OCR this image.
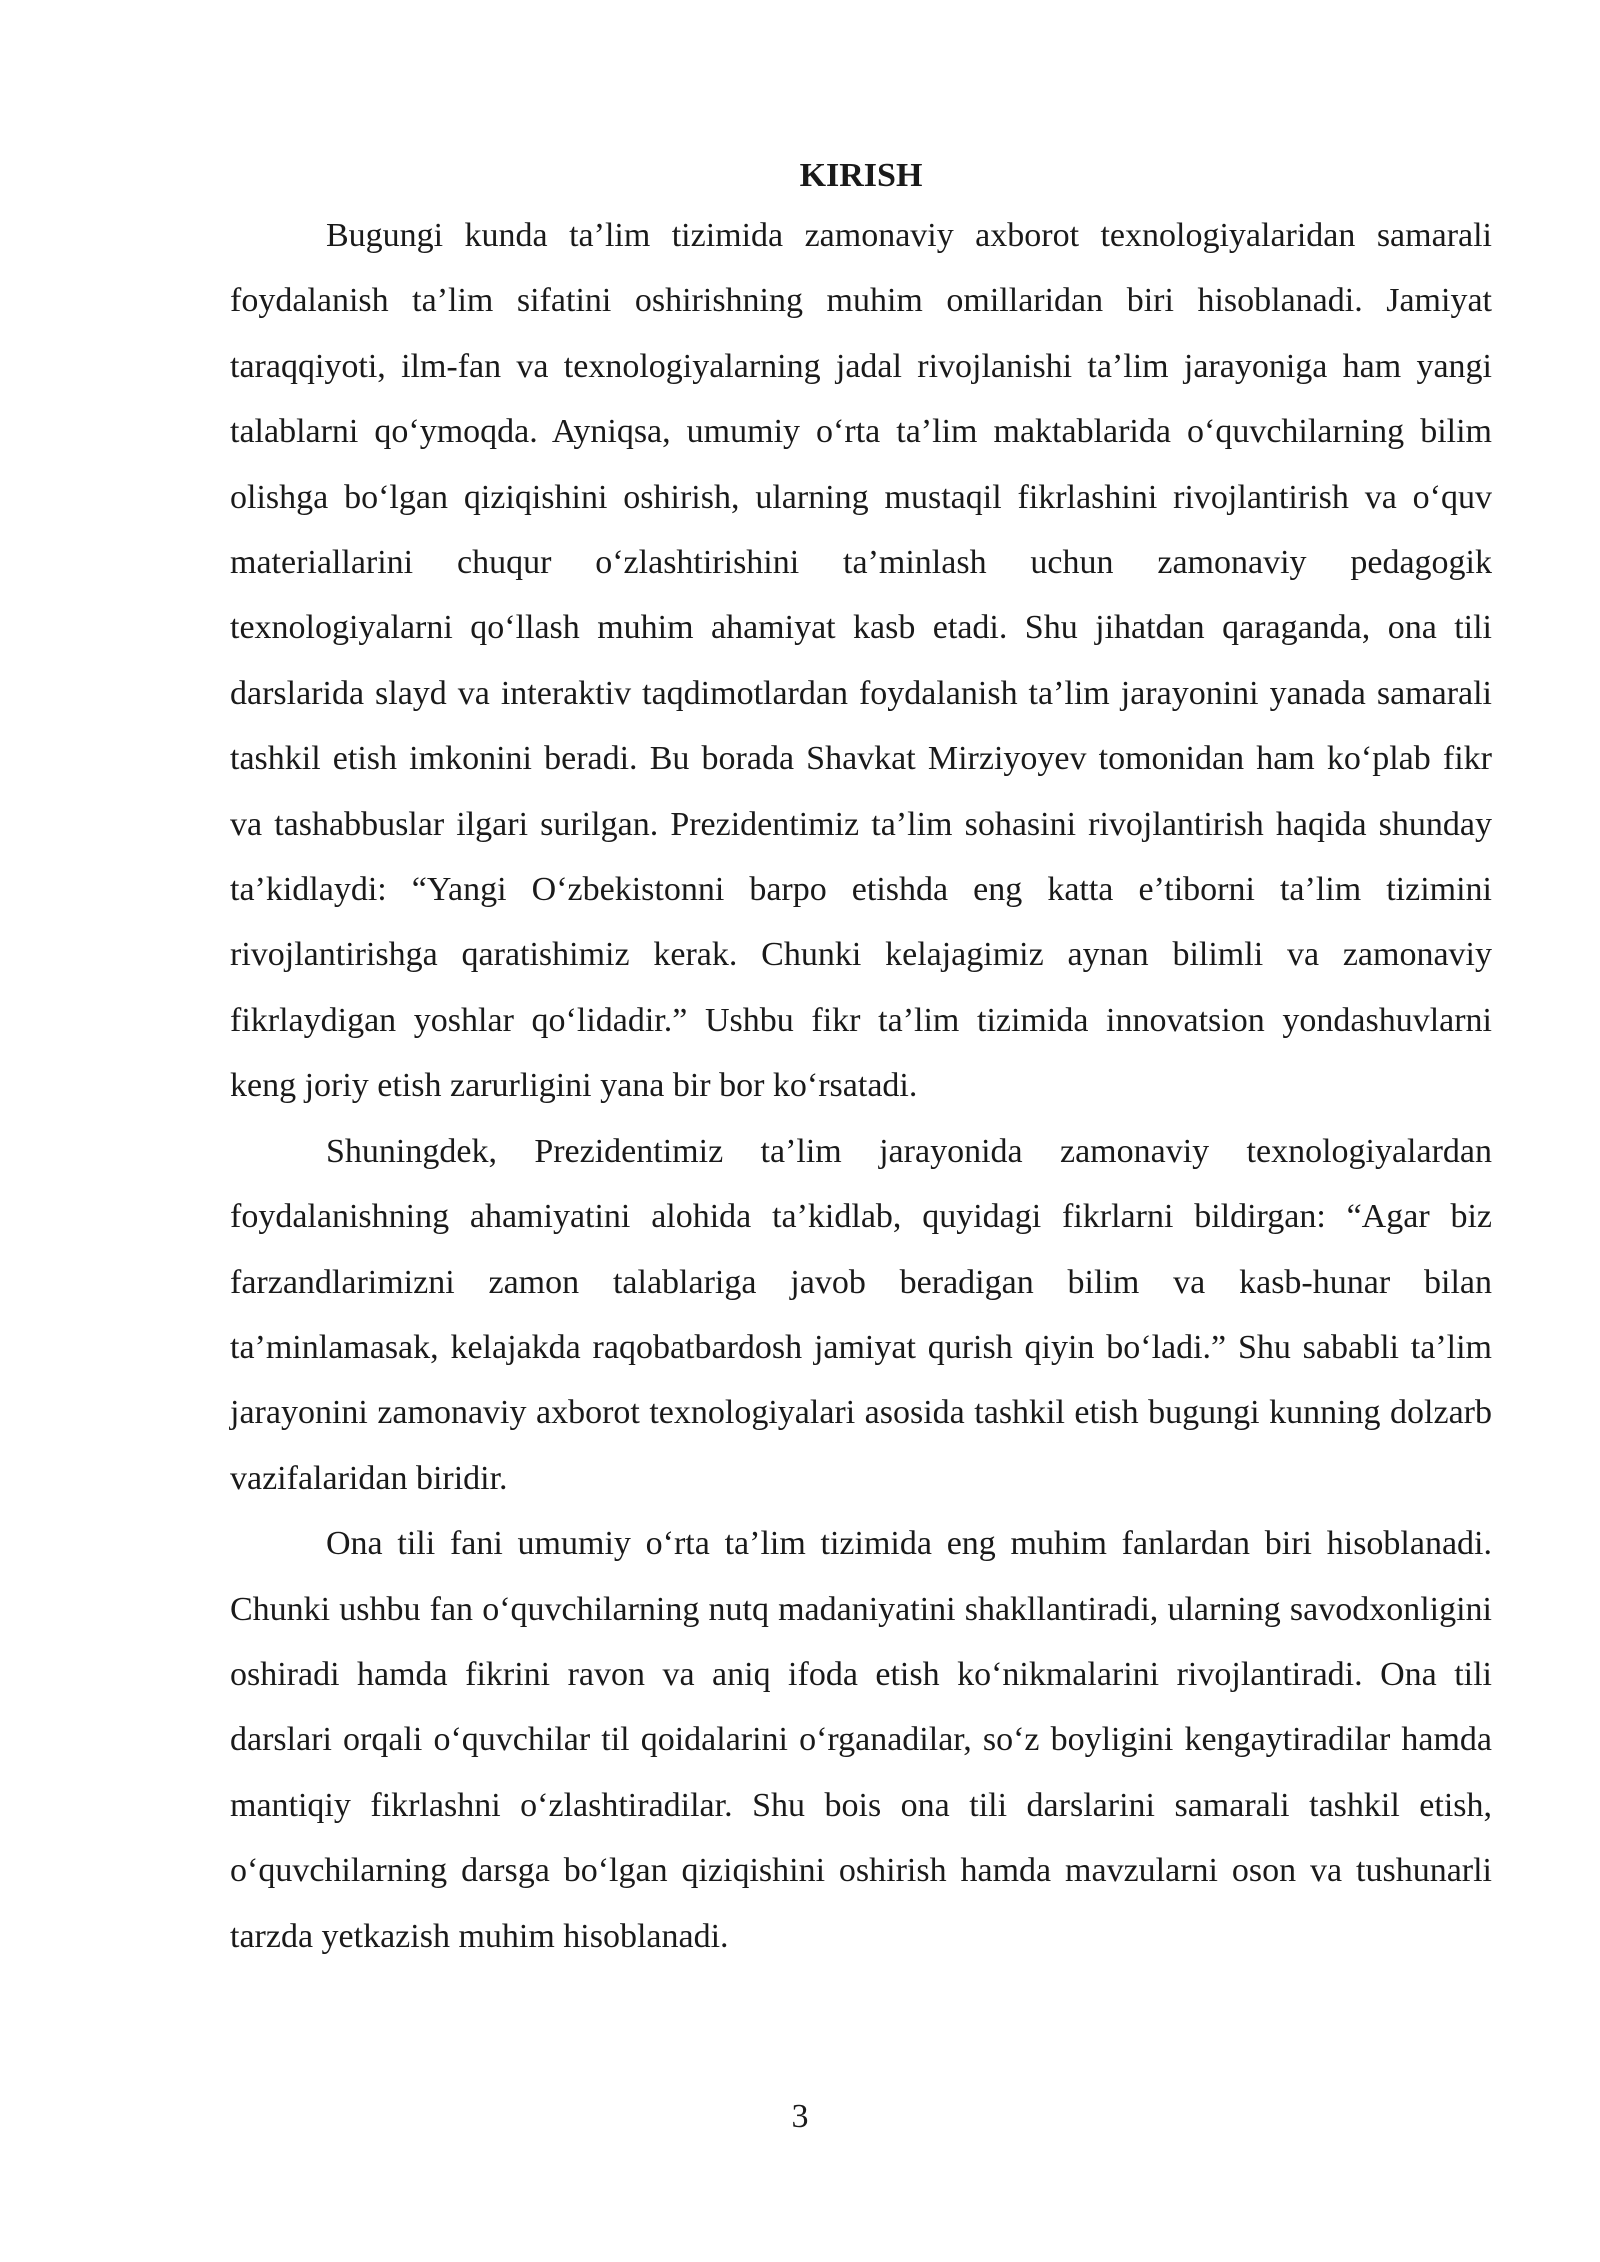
KIRISH

Bugungi kunda ta’lim tizimida zamonaviy axborot texnologiyalaridan samarali foydalanish ta’lim sifatini oshirishning muhim omillaridan biri hisoblanadi. Jamiyat taraqqiyoti, ilm-fan va texnologiyalarning jadal rivojlanishi ta’lim jarayoniga ham yangi talablarni qo‘ymoqda. Ayniqsa, umumiy o‘rta ta’lim maktablarida o‘quvchilarning bilim olishga bo‘lgan qiziqishini oshirish, ularning mustaqil fikrlashini rivojlantirish va o‘quv materiallarini chuqur o‘zlashtirishini ta’minlash uchun zamonaviy pedagogik texnologiyalarni qo‘llash muhim ahamiyat kasb etadi. Shu jihatdan qaraganda, ona tili darslarida slayd va interaktiv taqdimotlardan foydalanish ta’lim jarayonini yanada samarali tashkil etish imkonini beradi. Bu borada Shavkat Mirziyoyev tomonidan ham ko‘plab fikr va tashabbuslar ilgari surilgan. Prezidentimiz ta’lim sohasini rivojlantirish haqida shunday ta’kidlaydi: “Yangi O‘zbekistonni barpo etishda eng katta e’tiborni ta’lim tizimini rivojlantirishga qaratishimiz kerak. Chunki kelajagimiz aynan bilimli va zamonaviy fikrlaydigan yoshlar qo‘lidadir.” Ushbu fikr ta’lim tizimida innovatsion yondashuvlarni keng joriy etish zarurligini yana bir bor ko‘rsatadi.

Shuningdek, Prezidentimiz ta’lim jarayonida zamonaviy texnologiyalardan foydalanishning ahamiyatini alohida ta’kidlab, quyidagi fikrlarni bildirgan: “Agar biz farzandlarimizni zamon talablariga javob beradigan bilim va kasb-hunar bilan ta’minlamasak, kelajakda raqobatbardosh jamiyat qurish qiyin bo‘ladi.” Shu sababli ta’lim jarayonini zamonaviy axborot texnologiyalari asosida tashkil etish bugungi kunning dolzarb vazifalaridan biridir.

Ona tili fani umumiy o‘rta ta’lim tizimida eng muhim fanlardan biri hisoblanadi. Chunki ushbu fan o‘quvchilarning nutq madaniyatini shakllantiradi, ularning savodxonligini oshiradi hamda fikrini ravon va aniq ifoda etish ko‘nikmalarini rivojlantiradi. Ona tili darslari orqali o‘quvchilar til qoidalarini o‘rganadilar, so‘z boyligini kengaytiradilar hamda mantiqiy fikrlashni o‘zlashtiradilar. Shu bois ona tili darslarini samarali tashkil etish, o‘quvchilarning darsga bo‘lgan qiziqishini oshirish hamda mavzularni oson va tushunarli tarzda yetkazish muhim hisoblanadi.

3
